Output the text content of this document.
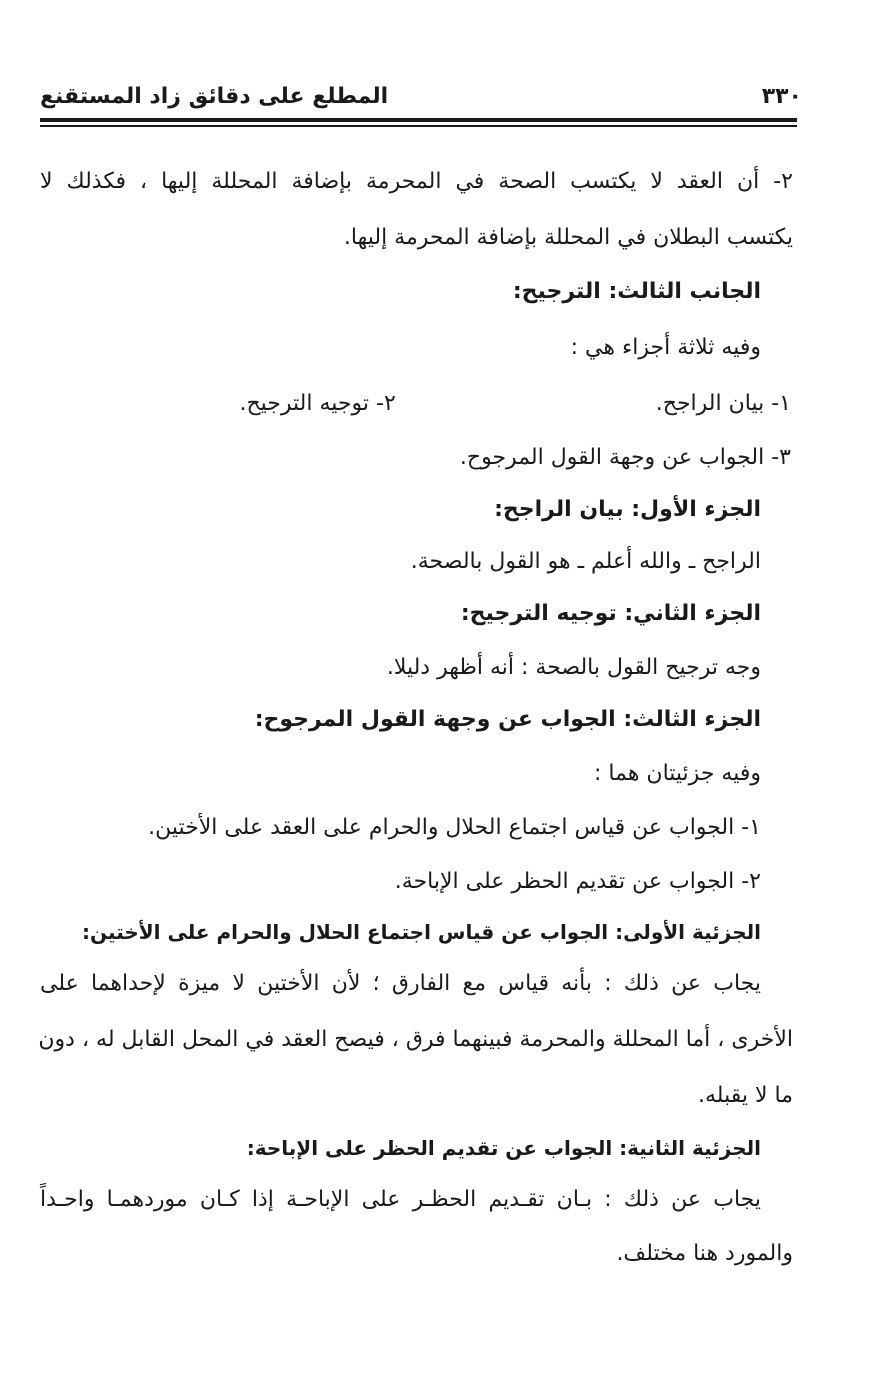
٣٣٠
المطلع على دقائق زاد المستقنع
٢- أن العقد لا يكتسب الصحة في المحرمة بإضافة المحللة إليها ، فكذلك لا
يكتسب البطلان في المحللة بإضافة المحرمة إليها.
الجانب الثالث: الترجيح:
وفيه ثلاثة أجزاء هي :
١- بيان الراجح.
٢- توجيه الترجيح.
٣- الجواب عن وجهة القول المرجوح.
الجزء الأول: بيان الراجح:
الراجح ـ والله أعلم ـ هو القول بالصحة.
الجزء الثاني: توجيه الترجيح:
وجه ترجيح القول بالصحة : أنه أظهر دليلا.
الجزء الثالث: الجواب عن وجهة القول المرجوح:
وفيه جزئيتان هما :
١- الجواب عن قياس اجتماع الحلال والحرام على العقد على الأختين.
٢- الجواب عن تقديم الحظر على الإباحة.
الجزئية الأولى: الجواب عن قياس اجتماع الحلال والحرام على الأختين:
يجاب عن ذلك : بأنه قياس مع الفارق ؛ لأن الأختين لا ميزة لإحداهما على
الأخرى ، أما المحللة والمحرمة فبينهما فرق ، فيصح العقد في المحل القابل له ، دون
ما لا يقبله.
الجزئية الثانية: الجواب عن تقديم الحظر على الإباحة:
يجاب عن ذلك : بـان تقـديم الحظـر على الإباحـة إذا كـان موردهمـا واحـداً
والمورد هنا مختلف.
